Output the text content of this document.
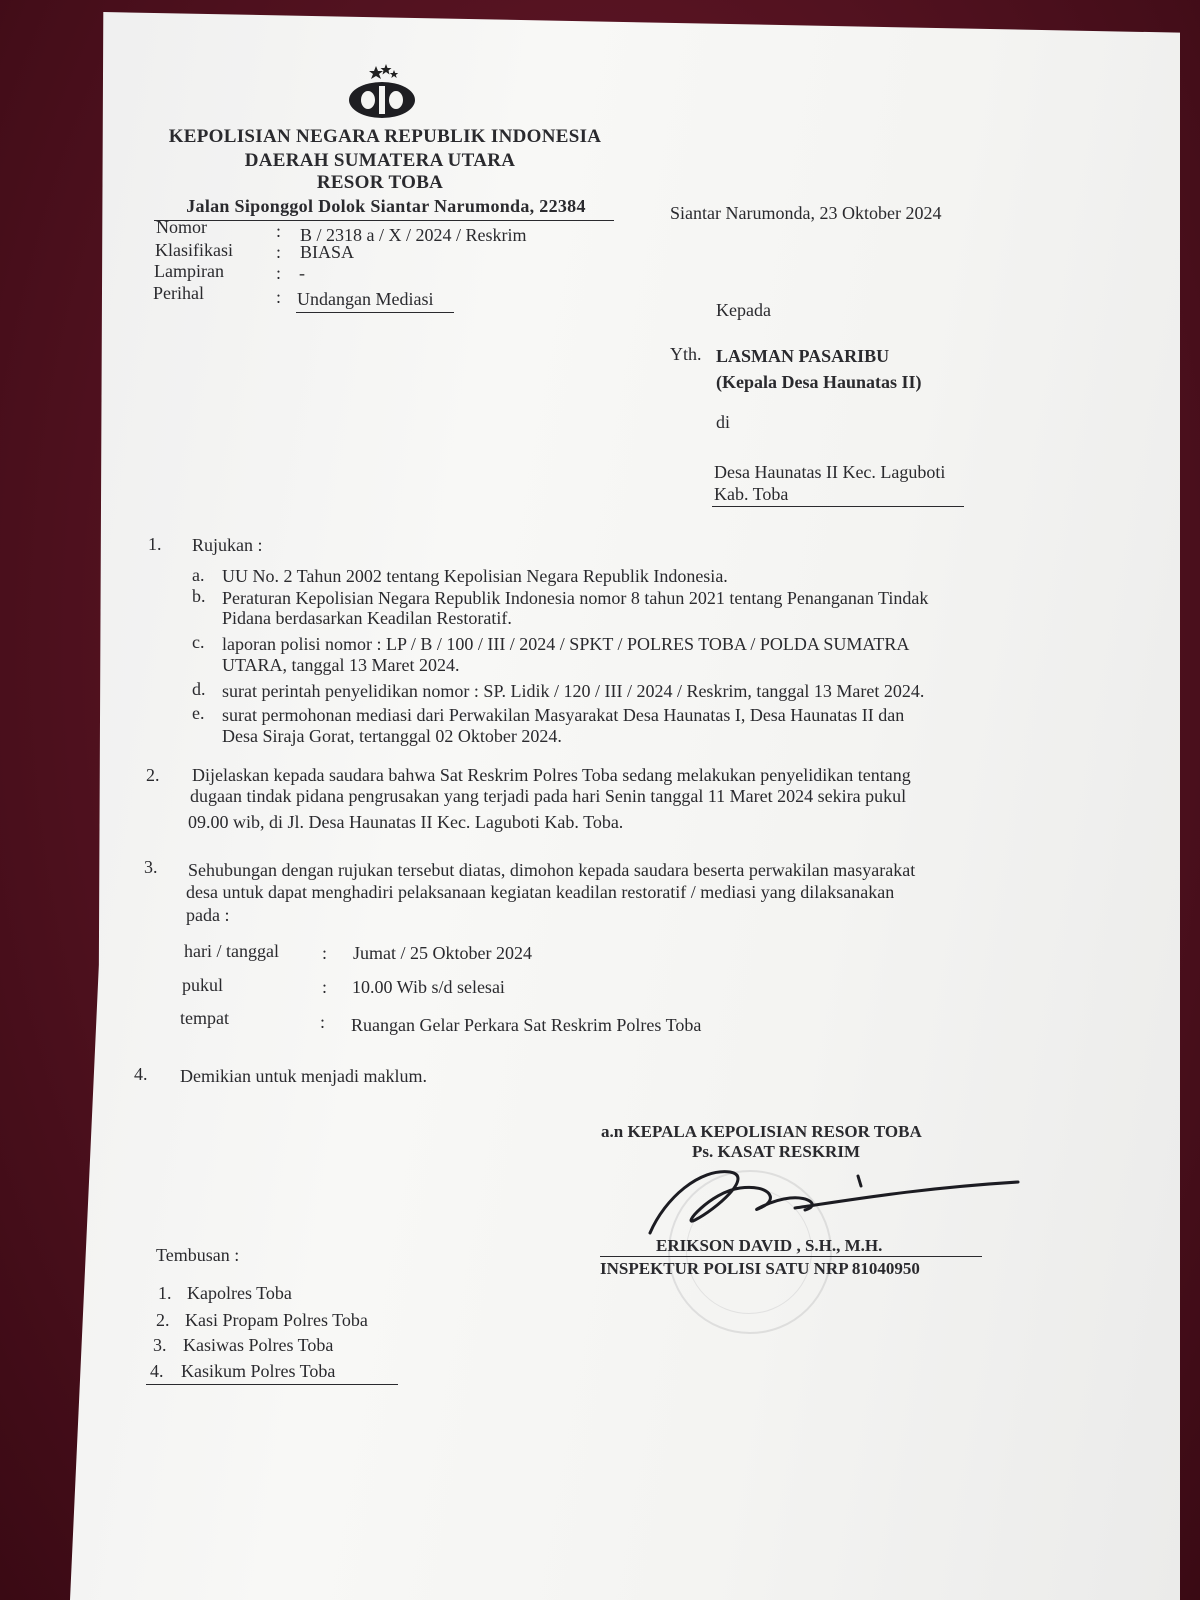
KEPOLISIAN NEGARA REPUBLIK INDONESIA
DAERAH SUMATERA UTARA
RESOR TOBA
Jalan Siponggol Dolok Siantar Narumonda, 22384	Siantar Narumonda, 23 Oktober 2024
Nomor	: B / 2318 a / X / 2024 / Reskrim
Klasifikasi : BIASA
Lampiran	: -
Perihal	: Undangan Mediasi
Kepada
Yth. LASMAN PASARIBU
(Kepala Desa Haunatas II)
di
Desa Haunatas II Kec. Laguboti
Kab. Toba
1. Rujukan :
a. UU No. 2 Tahun 2002 tentang Kepolisian Negara Republik Indonesia.
b. Peraturan Kepolisian Negara Republik Indonesia nomor 8 tahun 2021 tentang Penanganan Tindak
Pidana berdasarkan Keadilan Restoratif.
c. laporan polisi nomor : LP / B / 100 / III / 2024 / SPKT / POLRES TOBA / POLDA SUMATRA
UTARA, tanggal 13 Maret 2024.
d. surat perintah penyelidikan nomor : SP. Lidik / 120 / III / 2024 / Reskrim, tanggal 13 Maret 2024.
e. surat permohonan mediasi dari Perwakilan Masyarakat Desa Haunatas I, Desa Haunatas II dan
Desa Siraja Gorat, tertanggal 02 Oktober 2024.
2. Dijelaskan kepada saudara bahwa Sat Reskrim Polres Toba sedang melakukan penyelidikan tentang
dugaan tindak pidana pengrusakan yang terjadi pada hari Senin tanggal 11 Maret 2024 sekira pukul
09.00 wib, di Jl. Desa Haunatas II Kec. Laguboti Kab. Toba.
3. Sehubungan dengan rujukan tersebut diatas, dimohon kepada saudara beserta perwakilan masyarakat
desa untuk dapat menghadiri pelaksanaan kegiatan keadilan restoratif / mediasi yang dilaksanakan
pada :
hari / tanggal : Jumat / 25 Oktober 2024
pukul	: 10.00 Wib s/d selesai
tempat	: Ruangan Gelar Perkara Sat Reskrim Polres Toba
4. Demikian untuk menjadi maklum.
a.n KEPALA KEPOLISIAN RESOR TOBA
Ps. KASAT RESKRIM
ERIKSON DAVID , S.H., M.H.
INSPEKTUR POLISI SATU NRP 81040950
Tembusan :
1. Kapolres Toba
2. Kasi Propam Polres Toba
3. Kasiwas Polres Toba
4. Kasikum Polres Toba
